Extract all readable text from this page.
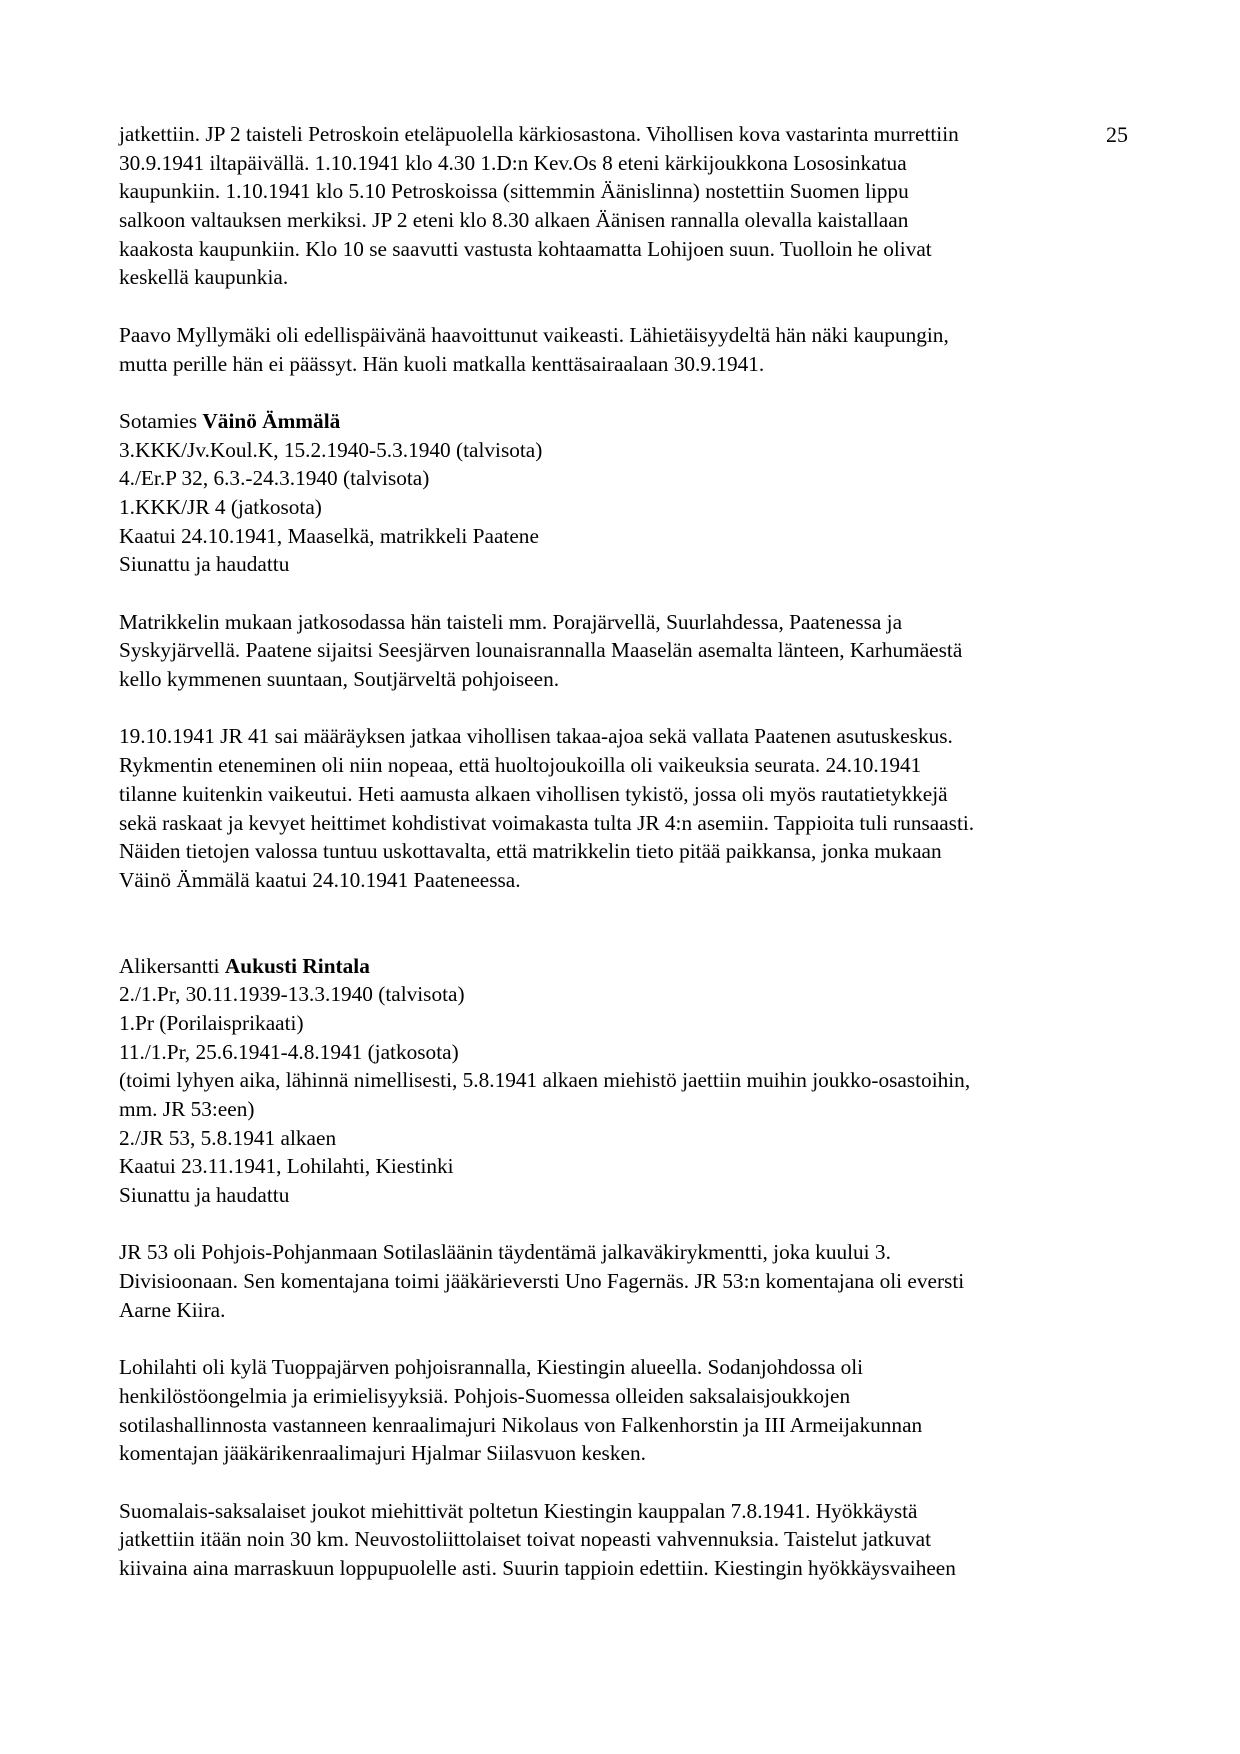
25
jatkettiin. JP 2 taisteli Petroskoin eteläpuolella kärkiosastona. Vihollisen kova vastarinta murrettiin
30.9.1941 iltapäivällä. 1.10.1941 klo 4.30 1.D:n Kev.Os 8 eteni kärkijoukkona Lososinkatua
kaupunkiin. 1.10.1941 klo 5.10 Petroskoissa (sittemmin Äänislinna) nostettiin Suomen lippu
salkoon valtauksen merkiksi. JP 2 eteni klo 8.30 alkaen Äänisen rannalla olevalla kaistallaan
kaakosta kaupunkiin. Klo 10 se saavutti vastusta kohtaamatta Lohijoen suun. Tuolloin he olivat
keskellä kaupunkia.
Paavo Myllymäki oli edellispäivänä haavoittunut vaikeasti. Lähietäisyydeltä hän näki kaupungin,
mutta perille hän ei päässyt. Hän kuoli matkalla kenttäsairaalaan 30.9.1941.
Sotamies Väinö Ämmälä
3.KKK/Jv.Koul.K, 15.2.1940-5.3.1940 (talvisota)
4./Er.P 32, 6.3.-24.3.1940 (talvisota)
1.KKK/JR 4 (jatkosota)
Kaatui 24.10.1941, Maaselkä, matrikkeli Paatene
Siunattu ja haudattu
Matrikkelin mukaan jatkosodassa hän taisteli mm. Porajärvellä, Suurlahdessa, Paatenessa ja
Syskyjärvellä. Paatene sijaitsi Seesjärven lounaisrannalla Maaselän asemalta länteen, Karhumäestä
kello kymmenen suuntaan, Soutjärveltä pohjoiseen.
19.10.1941 JR 41 sai määräyksen jatkaa vihollisen takaa-ajoa sekä vallata Paatenen asutuskeskus.
Rykmentin eteneminen oli niin nopeaa, että huoltojoukoilla oli vaikeuksia seurata. 24.10.1941
tilanne kuitenkin vaikeutui. Heti aamusta alkaen vihollisen tykistö, jossa oli myös rautatietykkejä
sekä raskaat ja kevyet heittimet kohdistivat voimakasta tulta JR 4:n asemiin. Tappioita tuli runsaasti.
Näiden tietojen valossa tuntuu uskottavalta, että matrikkelin tieto pitää paikkansa, jonka mukaan
Väinö Ämmälä kaatui 24.10.1941 Paateneessa.
Alikersantti Aukusti Rintala
2./1.Pr, 30.11.1939-13.3.1940 (talvisota)
1.Pr (Porilaisprikaati)
11./1.Pr, 25.6.1941-4.8.1941 (jatkosota)
(toimi lyhyen aika, lähinnä nimellisesti, 5.8.1941 alkaen miehistö jaettiin muihin joukko-osastoihin,
mm. JR 53:een)
2./JR 53, 5.8.1941 alkaen
Kaatui 23.11.1941, Lohilahti, Kiestinki
Siunattu ja haudattu
JR 53 oli Pohjois-Pohjanmaan Sotilasläänin täydentämä jalkaväkirykmentti, joka kuului 3.
Divisioonaan. Sen komentajana toimi jääkärieversti Uno Fagernäs. JR 53:n komentajana oli eversti
Aarne Kiira.
Lohilahti oli kylä Tuoppajärven pohjoisrannalla, Kiestingin alueella. Sodanjohdossa oli
henkilöstöongelmia ja erimielisyyksiä. Pohjois-Suomessa olleiden saksalaisjoukkojen
sotilashallinnosta vastanneen kenraalimajuri Nikolaus von Falkenhorstin ja III Armeijakunnan
komentajan jääkärikenraalimajuri Hjalmar Siilasvuon kesken.
Suomalais-saksalaiset joukot miehittivät poltetun Kiestingin kauppalan 7.8.1941. Hyökkäystä
jatkettiin itään noin 30 km. Neuvostoliittolaiset toivat nopeasti vahvennuksia. Taistelut jatkuvat
kiivaina aina marraskuun loppupuolelle asti. Suurin tappioin edettiin. Kiestingin hyökkäysvaiheen
